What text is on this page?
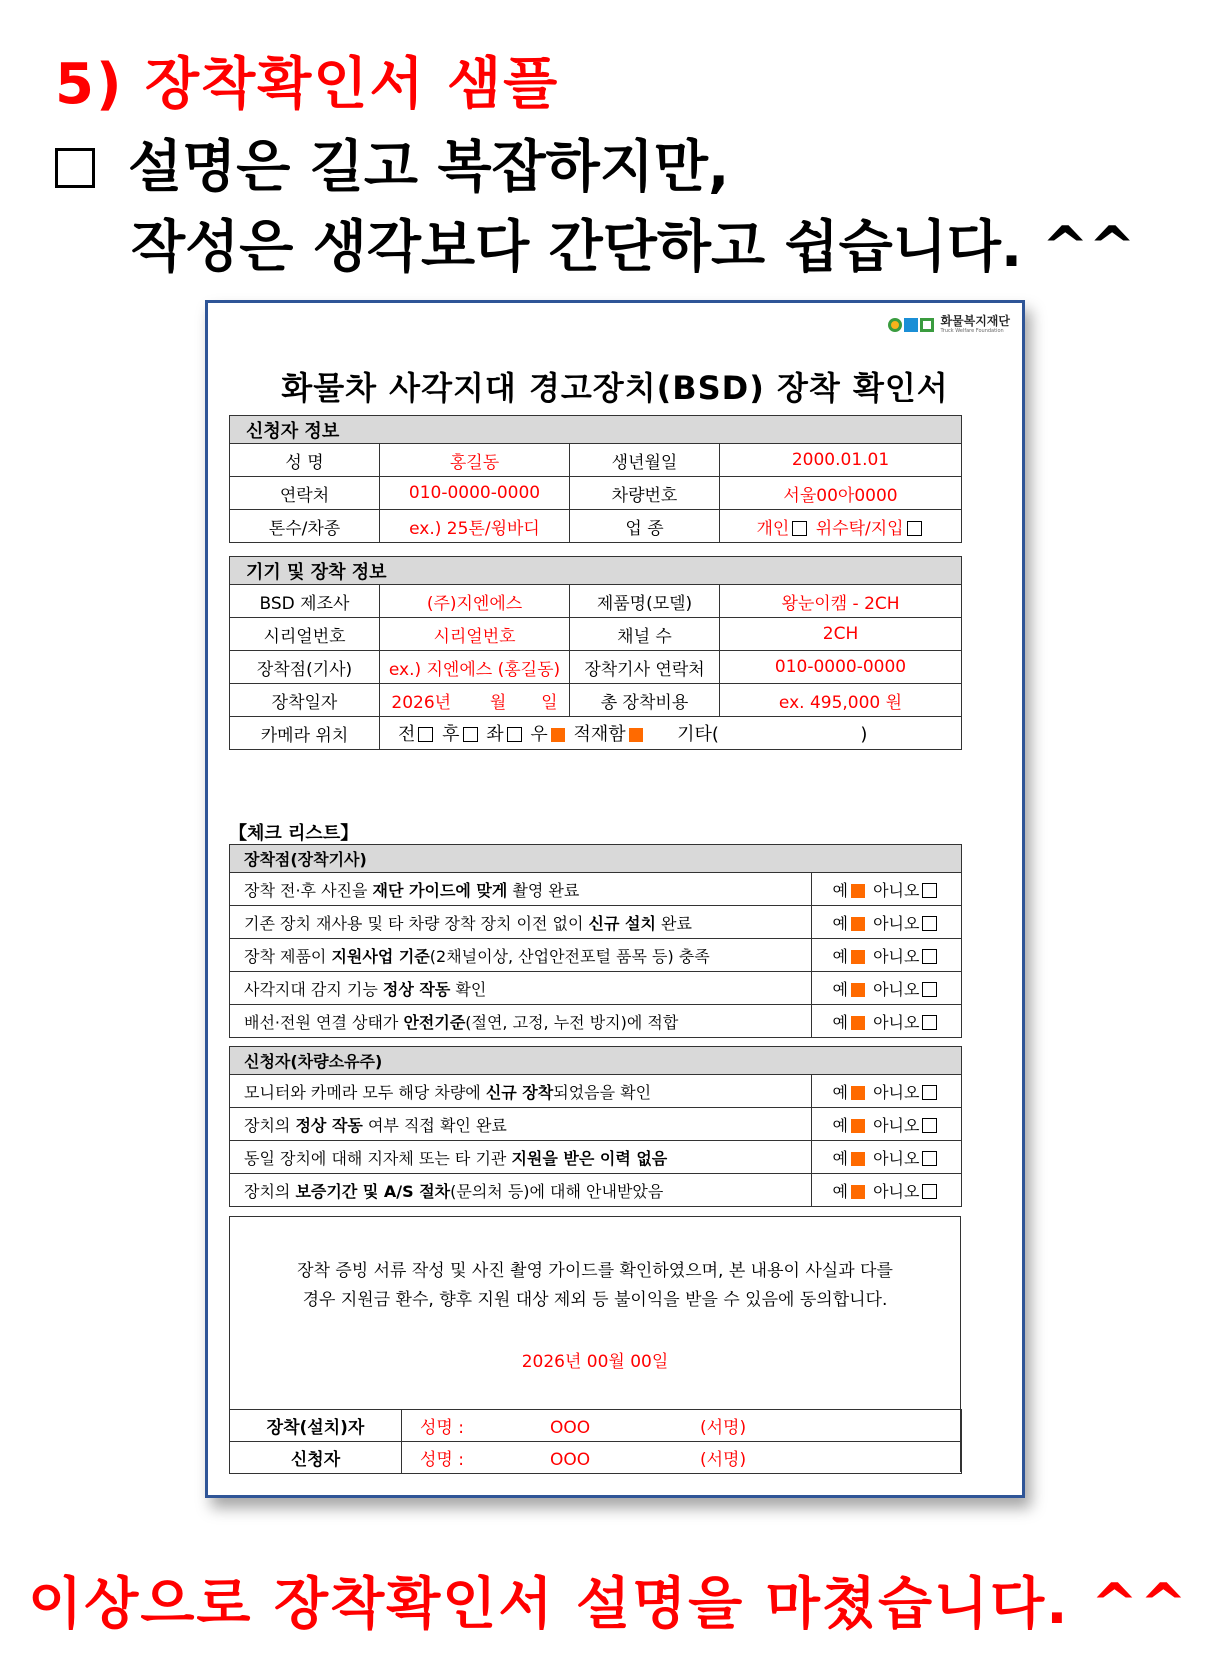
5) 장착확인서 샘플
설명은 길고 복잡하지만,
작성은 생각보다 간단하고 쉽습니다. ^^
화물복지재단
Truck Welfare Foundation
화물차 사각지대 경고장치(BSD) 장착 확인서
신청자 정보			
성 명	홍길동	생년월일	2000.01.01
연락처	010-0000-0000	차량번호	서울00아0000
톤수/차종	ex.) 25톤/윙바디	업 종	개인 위수탁/지입
기기 및 장착 정보			
BSD 제조사	(주)지엔에스	제품명(모델)	왕눈이캠 - 2CH
시리얼번호	시리얼번호	채널 수	2CH
장착점(기사)	ex.) 지엔에스 (홍길동)	장착기사 연락처	010-0000-0000
장착일자	2026년 월 일	총 장착비용	ex. 495,000 원
카메라 위치	전 후 좌 우 적재함 기타( )		
【체크 리스트】
장착점(장착기사)	
장착 전·후 사진을 재단 가이드에 맞게 촬영 완료	예 아니오
기존 장치 재사용 및 타 차량 장착 장치 이전 없이 신규 설치 완료	예 아니오
장착 제품이 지원사업 기준(2채널이상, 산업안전포털 품목 등) 충족	예 아니오
사각지대 감지 기능 정상 작동 확인	예 아니오
배선·전원 연결 상태가 안전기준(절연, 고정, 누전 방지)에 적합	예 아니오
신청자(차량소유주)	
모니터와 카메라 모두 해당 차량에 신규 장착되었음을 확인	예 아니오
장치의 정상 작동 여부 직접 확인 완료	예 아니오
동일 장치에 대해 지자체 또는 타 기관 지원을 받은 이력 없음	예 아니오
장치의 보증기간 및 A/S 절차(문의처 등)에 대해 안내받았음	예 아니오
장착 증빙 서류 작성 및 사진 촬영 가이드를 확인하였으며, 본 내용이 사실과 다를
경우 지원금 환수, 향후 지원 대상 제외 등 불이익을 받을 수 있음에 동의합니다.
2026년 00월 00일
장착(설치)자	성명 : OOO (서명)
신청자	성명 : OOO (서명)
이상으로 장착확인서 설명을 마쳤습니다. ^^
